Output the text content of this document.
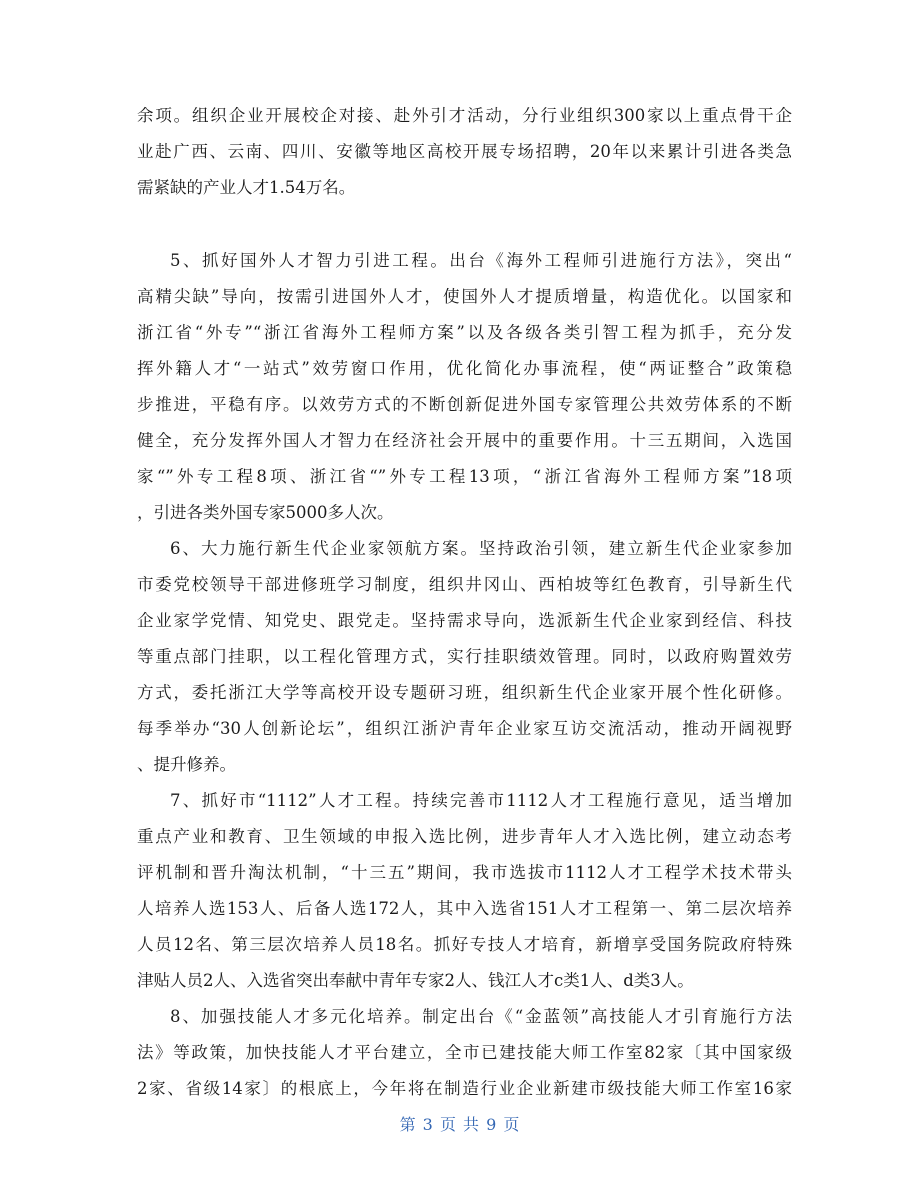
余项。组织企业开展校企对接、赴外引才活动，分行业组织300家以上重点骨干企
业赴广西、云南、四川、安徽等地区高校开展专场招聘，20年以来累计引进各类急
需紧缺的产业人才1.54万名。
5、抓好国外人才智力引进工程。出台《海外工程师引进施行方法》，突出“
高精尖缺”导向，按需引进国外人才，使国外人才提质增量，构造优化。以国家和
浙江省“外专”“浙江省海外工程师方案”以及各级各类引智工程为抓手，充分发
挥外籍人才“一站式”效劳窗口作用，优化简化办事流程，使“两证整合”政策稳
步推进，平稳有序。以效劳方式的不断创新促进外国专家管理公共效劳体系的不断
健全，充分发挥外国人才智力在经济社会开展中的重要作用。十三五期间，入选国
家“”外专工程8项、浙江省“”外专工程13项，“浙江省海外工程师方案”18项
，引进各类外国专家5000多人次。
6、大力施行新生代企业家领航方案。坚持政治引领，建立新生代企业家参加
市委党校领导干部进修班学习制度，组织井冈山、西柏坡等红色教育，引导新生代
企业家学党情、知党史、跟党走。坚持需求导向，选派新生代企业家到经信、科技
等重点部门挂职，以工程化管理方式，实行挂职绩效管理。同时，以政府购置效劳
方式，委托浙江大学等高校开设专题研习班，组织新生代企业家开展个性化研修。
每季举办“30人创新论坛”，组织江浙沪青年企业家互访交流活动，推动开阔视野
、提升修养。
7、抓好市“1112”人才工程。持续完善市1112人才工程施行意见，适当增加
重点产业和教育、卫生领域的申报入选比例，进步青年人才入选比例，建立动态考
评机制和晋升淘汰机制，“十三五”期间，我市选拔市1112人才工程学术技术带头
人培养人选153人、后备人选172人，其中入选省151人才工程第一、第二层次培养
人员12名、第三层次培养人员18名。抓好专技人才培育，新增享受国务院政府特殊
津贴人员2人、入选省突出奉献中青年专家2人、钱江人才c类1人、d类3人。
8、加强技能人才多元化培养。制定出台《“金蓝领”高技能人才引育施行方法
法》等政策，加快技能人才平台建立，全市已建技能大师工作室82家〔其中国家级
2家、省级14家〕的根底上，今年将在制造行业企业新建市级技能大师工作室16家
第 3 页 共 9 页
